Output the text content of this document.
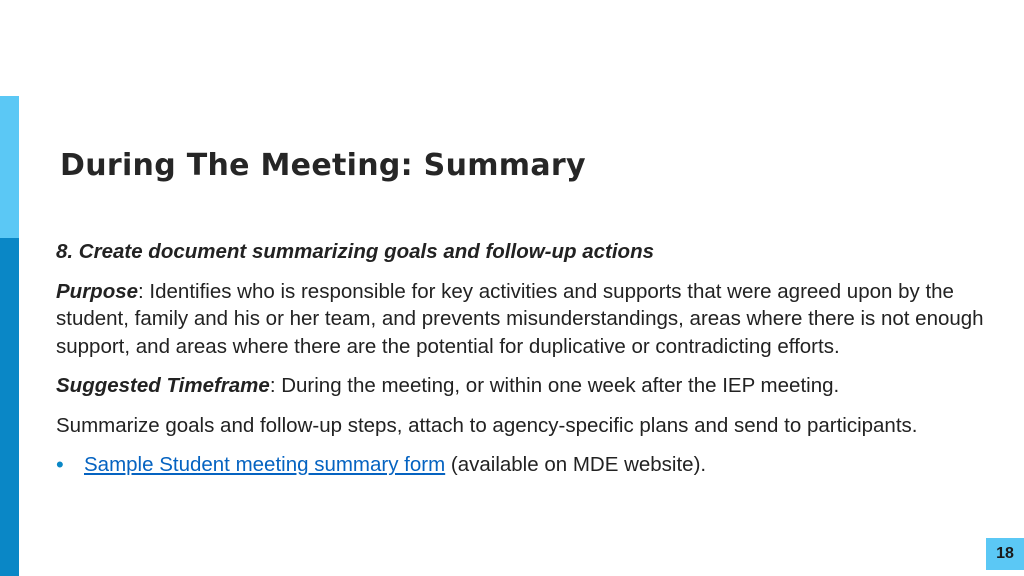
During The Meeting: Summary

8. Create document summarizing goals and follow-up actions

Purpose: Identifies who is responsible for key activities and supports that were agreed upon by the student, family and his or her team, and prevents misunderstandings, areas where there is not enough support, and areas where there are the potential for duplicative or contradicting efforts.

Suggested Timeframe: During the meeting, or within one week after the IEP meeting.

Summarize goals and follow-up steps, attach to agency-specific plans and send to participants.

• Sample Student meeting summary form (available on MDE website).
18
